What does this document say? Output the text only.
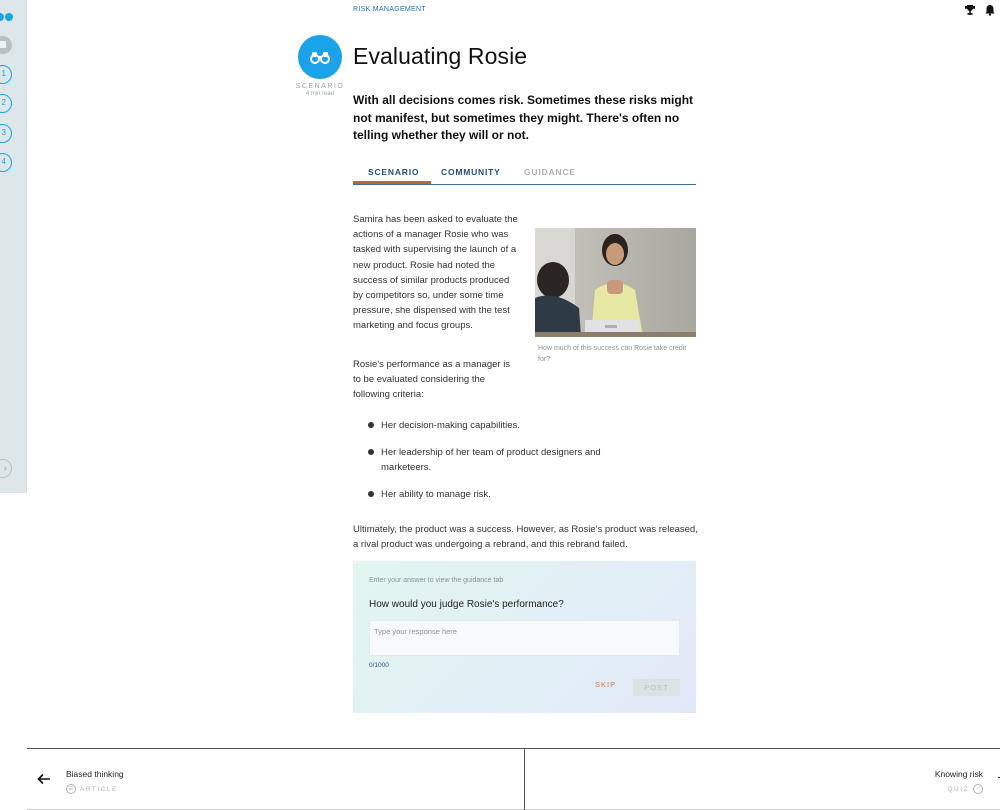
1
2
3
4
›
RISK MANAGEMENT
SCENARIO
4 min read
Evaluating Rosie

With all decisions comes risk. Sometimes these risks might not manifest, but sometimes they might. There's often no telling whether they will or not.

SCENARIO	COMMUNITY	GUIDANCE

Samira has been asked to evaluate the actions of a manager Rosie who was tasked with supervising the launch of a new product. Rosie had noted the success of similar products produced by competitors so, under some time pressure, she dispensed with the test marketing and focus groups.

Rosie's performance as a manager is to be evaluated considering the following criteria:

How much of this success can Rosie take credit for?

Her decision-making capabilities.

Her leadership of her team of product designers and marketeers.

Her ability to manage risk.

Ultimately, the product was a success. However, as Rosie's product was released, a rival product was undergoing a rebrand, and this rebrand failed.

Enter your answer to view the guidance tab
How would you judge Rosie's performance?
Type your response here
0/1000
SKIP	POST
Biased thinking
☰	ARTICLE
Knowing risk
QUIZ	✓
